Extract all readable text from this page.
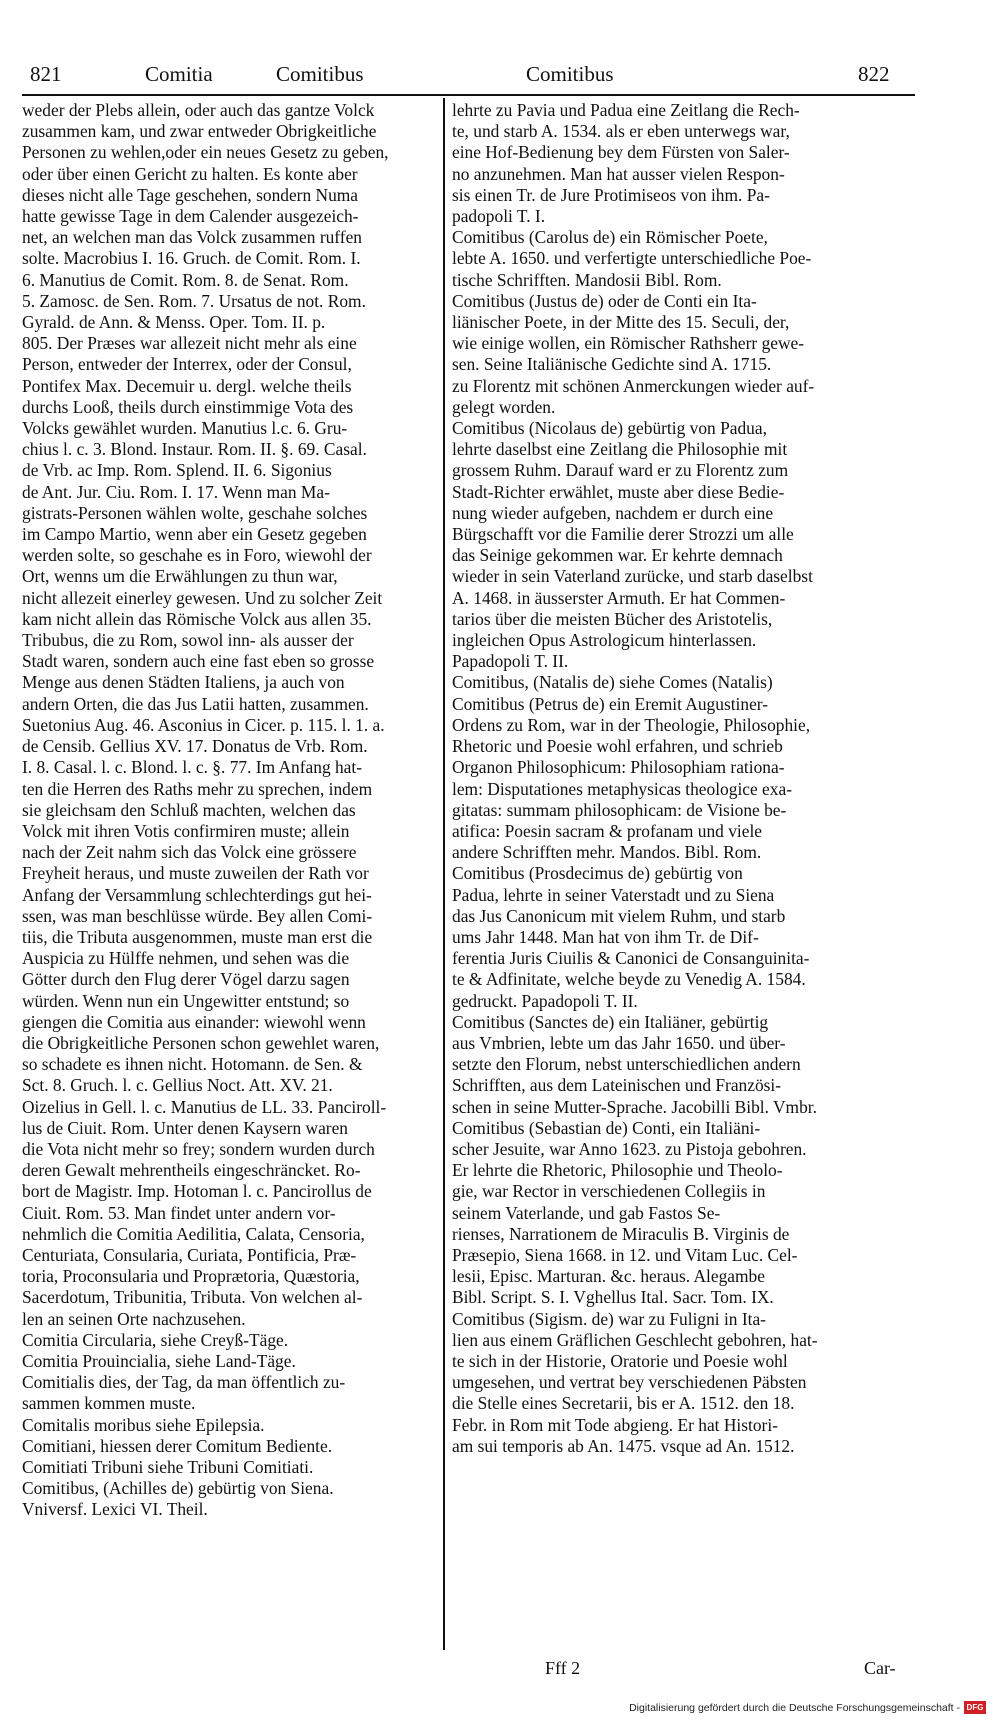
821	Comitia	Comitibus	Comitibus	822
weder der Plebs allein, oder auch das gantze Volck
zusammen kam, und zwar entweder Obrigkeitliche
Personen zu wehlen,oder ein neues Gesetz zu geben,
oder über einen Gericht zu halten. Es konte aber
dieses nicht alle Tage geschehen, sondern Numa
hatte gewisse Tage in dem Calender ausgezeich-
net, an welchen man das Volck zusammen ruffen
solte. Macrobius I. 16. Gruch. de Comit. Rom. I.
6. Manutius de Comit. Rom. 8. de Senat. Rom.
5. Zamosc. de Sen. Rom. 7. Ursatus de not. Rom.
Gyrald. de Ann. & Menss. Oper. Tom. II. p.
805. Der Præses war allezeit nicht mehr als eine
Person, entweder der Interrex, oder der Consul,
Pontifex Max. Decemuir u. dergl. welche theils
durchs Looß, theils durch einstimmige Vota des
Volcks gewählet wurden. Manutius l.c. 6. Gru-
chius l. c. 3. Blond. Instaur. Rom. II. §. 69. Casal.
de Vrb. ac Imp. Rom. Splend. II. 6. Sigonius
de Ant. Jur. Ciu. Rom. I. 17. Wenn man Ma-
gistrats-Personen wählen wolte, geschahe solches
im Campo Martio, wenn aber ein Gesetz gegeben
werden solte, so geschahe es in Foro, wiewohl der
Ort, wenns um die Erwählungen zu thun war,
nicht allezeit einerley gewesen. Und zu solcher Zeit
kam nicht allein das Römische Volck aus allen 35.
Tribubus, die zu Rom, sowol inn- als ausser der
Stadt waren, sondern auch eine fast eben so grosse
Menge aus denen Städten Italiens, ja auch von
andern Orten, die das Jus Latii hatten, zusammen.
Suetonius Aug. 46. Asconius in Cicer. p. 115. l. 1. a.
de Censib. Gellius XV. 17. Donatus de Vrb. Rom.
I. 8. Casal. l. c. Blond. l. c. §. 77. Im Anfang hat-
ten die Herren des Raths mehr zu sprechen, indem
sie gleichsam den Schluß machten, welchen das
Volck mit ihren Votis confirmiren muste; allein
nach der Zeit nahm sich das Volck eine grössere
Freyheit heraus, und muste zuweilen der Rath vor
Anfang der Versammlung schlechterdings gut hei-
ssen, was man beschlüsse würde. Bey allen Comi-
tiis, die Tributa ausgenommen, muste man erst die
Auspicia zu Hülffe nehmen, und sehen was die
Götter durch den Flug derer Vögel darzu sagen
würden. Wenn nun ein Ungewitter entstund; so
giengen die Comitia aus einander: wiewohl wenn
die Obrigkeitliche Personen schon gewehlet waren,
so schadete es ihnen nicht. Hotomann. de Sen. &
Sct. 8. Gruch. l. c. Gellius Noct. Att. XV. 21.
Oizelius in Gell. l. c. Manutius de LL. 33. Panciroll-
lus de Ciuit. Rom. Unter denen Kaysern waren
die Vota nicht mehr so frey; sondern wurden durch
deren Gewalt mehrentheils eingeschräncket. Ro-
bort de Magistr. Imp. Hotoman l. c. Pancirollus de
Ciuit. Rom. 53. Man findet unter andern vor-
nehmlich die Comitia Aedilitia, Calata, Censoria,
Centuriata, Consularia, Curiata, Pontificia, Præ-
toria, Proconsularia und Proprætoria, Quæstoria,
Sacerdotum, Tribunitia, Tributa. Von welchen al-
len an seinen Orte nachzusehen.
Comitia Circularia, siehe Creyß-Täge.
Comitia Prouincialia, siehe Land-Täge.
Comitialis dies, der Tag, da man öffentlich zu-
sammen kommen muste.
Comitalis moribus siehe Epilepsia.
Comitiani, hiessen derer Comitum Bediente.
Comitiati Tribuni siehe Tribuni Comitiati.
Comitibus, (Achilles de) gebürtig von Siena.
Vniversf. Lexici VI. Theil.
lehrte zu Pavia und Padua eine Zeitlang die Rech-
te, und starb A. 1534. als er eben unterwegs war,
eine Hof-Bedienung bey dem Fürsten von Saler-
no anzunehmen. Man hat ausser vielen Respon-
sis einen Tr. de Jure Protimiseos von ihm. Pa-
padopoli T. I.
Comitibus (Carolus de) ein Römischer Poete,
lebte A. 1650. und verfertigte unterschiedliche Poe-
tische Schrifften. Mandosii Bibl. Rom.
Comitibus (Justus de) oder de Conti ein Ita-
liänischer Poete, in der Mitte des 15. Seculi, der,
wie einige wollen, ein Römischer Rathsherr gewe-
sen. Seine Italiänische Gedichte sind A. 1715.
zu Florentz mit schönen Anmerckungen wieder auf-
gelegt worden.
Comitibus (Nicolaus de) gebürtig von Padua,
lehrte daselbst eine Zeitlang die Philosophie mit
grossem Ruhm. Darauf ward er zu Florentz zum
Stadt-Richter erwählet, muste aber diese Bedie-
nung wieder aufgeben, nachdem er durch eine
Bürgschafft vor die Familie derer Strozzi um alle
das Seinige gekommen war. Er kehrte demnach
wieder in sein Vaterland zurücke, und starb daselbst
A. 1468. in äusserster Armuth. Er hat Commen-
tarios über die meisten Bücher des Aristotelis,
ingleichen Opus Astrologicum hinterlassen.
Papadopoli T. II.
Comitibus, (Natalis de) siehe Comes (Natalis)
Comitibus (Petrus de) ein Eremit Augustiner-
Ordens zu Rom, war in der Theologie, Philosophie,
Rhetoric und Poesie wohl erfahren, und schrieb
Organon Philosophicum: Philosophiam rationa-
lem: Disputationes metaphysicas theologice exa-
gitatas: summam philosophicam: de Visione be-
atifica: Poesin sacram & profanam und viele
andere Schrifften mehr. Mandos. Bibl. Rom.
Comitibus (Prosdecimus de) gebürtig von
Padua, lehrte in seiner Vaterstadt und zu Siena
das Jus Canonicum mit vielem Ruhm, und starb
ums Jahr 1448. Man hat von ihm Tr. de Dif-
ferentia Juris Ciuilis & Canonici de Consanguinita-
te & Adfinitate, welche beyde zu Venedig A. 1584.
gedruckt. Papadopoli T. II.
Comitibus (Sanctes de) ein Italiäner, gebürtig
aus Vmbrien, lebte um das Jahr 1650. und über-
setzte den Florum, nebst unterschiedlichen andern
Schrifften, aus dem Lateinischen und Französi-
schen in seine Mutter-Sprache. Jacobilli Bibl. Vmbr.
Comitibus (Sebastian de) Conti, ein Italiäni-
scher Jesuite, war Anno 1623. zu Pistoja gebohren.
Er lehrte die Rhetoric, Philosophie und Theolo-
gie, war Rector in verschiedenen Collegiis in
seinem Vaterlande, und gab Fastos Se-
rienses, Narrationem de Miraculis B. Virginis de
Præsepio, Siena 1668. in 12. und Vitam Luc. Cel-
lesii, Episc. Marturan. &c. heraus. Alegambe
Bibl. Script. S. I. Vghellus Ital. Sacr. Tom. IX.
Comitibus (Sigism. de) war zu Fuligni in Ita-
lien aus einem Gräflichen Geschlecht gebohren, hat-
te sich in der Historie, Oratorie und Poesie wohl
umgesehen, und vertrat bey verschiedenen Päbsten
die Stelle eines Secretarii, bis er A. 1512. den 18.
Febr. in Rom mit Tode abgieng. Er hat Histori-
am sui temporis ab An. 1475. vsque ad An. 1512.
Fff 2	Car-
Digitalisierung gefördert durch die Deutsche Forschungsgemeinschaft - DFG
